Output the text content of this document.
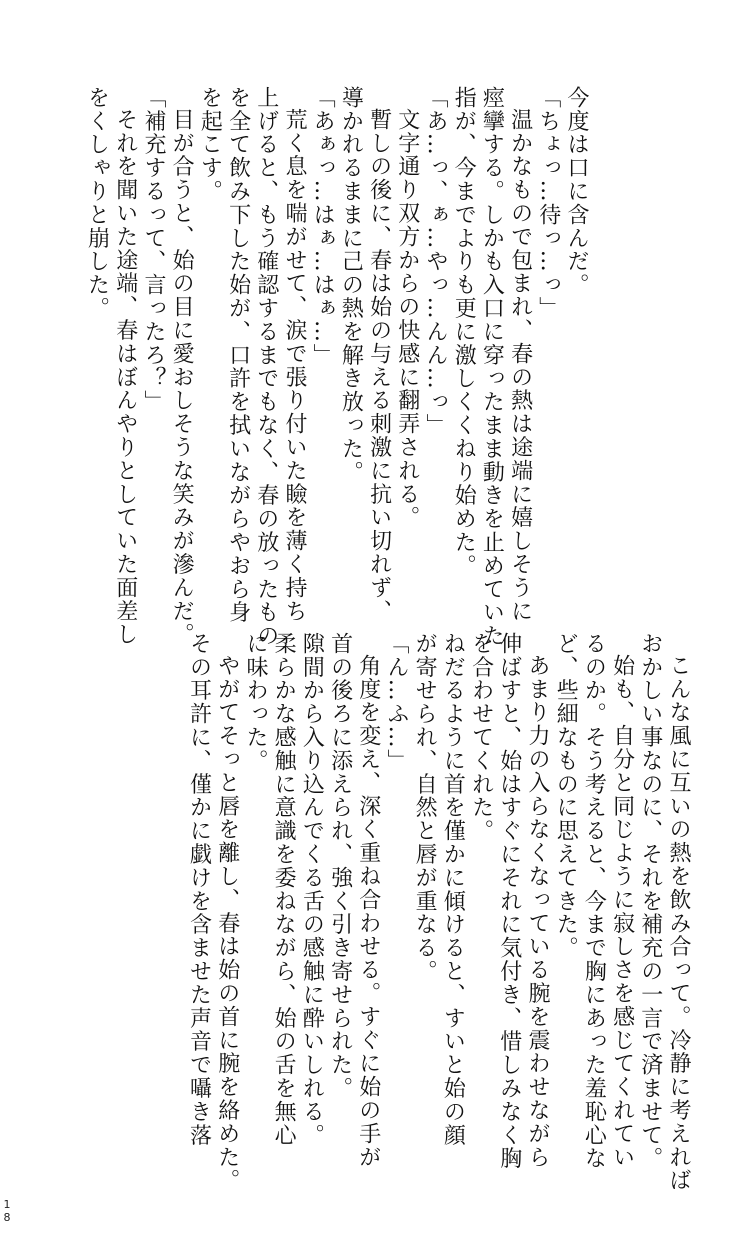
今度は口に含んだ。
「ちょっ…待っ…っ」
温かなもので包まれ、春の熱は途端に嬉しそうに
痙攣する。しかも入口に穿ったまま動きを止めていた
指が、今までよりも更に激しくくねり始めた。
「あ…っ、ぁ…やっ…んん…っ」
文字通り双方からの快感に翻弄される。
暫しの後に、春は始の与える刺激に抗い切れず、
導かれるままに己の熱を解き放った。
「あぁっ…はぁ…はぁ…」
荒く息を喘がせて、涙で張り付いた瞼を薄く持ち
上げると、もう確認するまでもなく、春の放ったもの
を全て飲み下した始が、口許を拭いながらやおら身
を起こす。
目が合うと、始の目に愛おしそうな笑みが滲んだ。
「補充するって、言ったろ？」
それを聞いた途端、春はぼんやりとしていた面差し
をくしゃりと崩した。
こんな風に互いの熱を飲み合って。冷静に考えれば
おかしい事なのに、それを補充の一言で済ませて。
始も、自分と同じように寂しさを感じてくれてい
るのか。そう考えると、今まで胸にあった羞恥心な
ど、些細なものに思えてきた。
あまり力の入らなくなっている腕を震わせながら
伸ばすと、始はすぐにそれに気付き、惜しみなく胸
を合わせてくれた。
ねだるように首を僅かに傾けると、すいと始の顔
が寄せられ、自然と唇が重なる。
「ん…ふ…」
角度を変え、深く重ね合わせる。すぐに始の手が
首の後ろに添えられ、強く引き寄せられた。
隙間から入り込んでくる舌の感触に酔いしれる。
柔らかな感触に意識を委ねながら、始の舌を無心
に味わった。
やがてそっと唇を離し、春は始の首に腕を絡めた。
その耳許に、僅かに戯けを含ませた声音で囁き落
1
8
